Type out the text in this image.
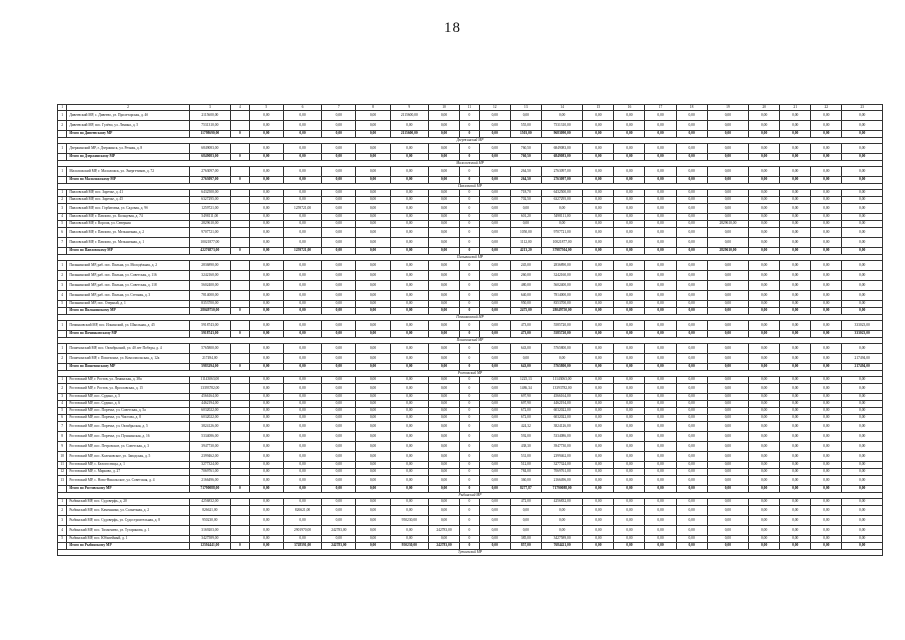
18
1	2	3	4	5	6	7	8	9	10	11	12	13	14	15	16	17	18	19	20	21	22	23
1	Дивеевский МР, с. Дивеево, ул. Пролетарская, д. 4б	2115600,00		0,00	0,00	0,00	0,00	2115600,00	0,00	0	0,00	0,00	0,00	0,00	0,00	0,00	0,00	0,00	0,00	0,00	0,00	0,00
2	Дивеевский МР, пос. Гулёво, ул. Ленина, д. 5	7531310,00		0,00	0,00	0,00	0,00	0,00	0,00	0	0,00	555,00	7531310,00	0,00	0,00	0,00	0,00	0,00	0,00	0,00	0,00	0,00
	Итого по Дивеевскому МР	11798690,00	0	0,00	0,00	0,00	0,00	2115600,00	0,00	0	0,00	1503,00	9683090,00	0,00	0,00	0,00	0,00	0,00	0,00	0,00	0,00	0,00
Дзержинский МР																						
1	Дзержинский МР, г. Дзержинск, ул. Речная, д. 8	6849083,00		0,00	0,00	0,00	0,00	0,00	0,00	0	0,00	760,50	6849083,00	0,00	0,00	0,00	0,00	0,00	0,00	0,00	0,00	0,00
	Итого по Дзержинскому МР	6849083,00	0	0,00	0,00	0,00	0,00	0,00	0,00	0	0,00	760,50	6849083,00	0,00	0,00	0,00	0,00	0,00	0,00	0,00	0,00	0,00
Малоложский МР																						
1	Малоложский МР, г. Малоложск, ул. Энергетиков, д. 72	2763097,00		0,00	0,00	0,00	0,00	0,00	0,00	0	0,00	264,50	2763097,00	0,00	0,00	0,00	0,00	0,00	0,00	0,00	0,00	0,00
	Итого по Малоложскому МР	2763097,00	0	0,00	0,00	0,00	0,00	0,00	0,00	0	0,00	264,50	2763097,00	0,00	0,00	0,00	0,00	0,00	0,00	0,00	0,00	0,00
Павловский МР																						
1	Павловский МР, пос. Заречье, д. 41	6432500,00		0,00	0,00	0,00	0,00	0,00	0,00	0	0,00	718,70	6432500,00	0,00	0,00	0,00	0,00	0,00	0,00	0,00	0,00	0,00
2	Павловский МР, пос. Заречье, д. 45	6327295,00		0,00	0,00	0,00	0,00	0,00	0,00	0	0,00	702,50	6327295,00	0,00	0,00	0,00	0,00	0,00	0,00	0,00	0,00	0,00
3	Павловский МР, пос. Горбатовка, ул. Садовая, д. 9б	1259721,00		0,00	1259721,00	0,00	0,00	0,00	0,00	0	0,00	0,00	0,00	0,00	0,00	0,00	0,00	0,00	0,00	0,00	0,00	0,00
4	Павловский МР, г. Павлово, ул. Кольцевая, д. 74	5498111,00		0,00	0,00	0,00	0,00	0,00	0,00	0	0,00	601,20	5498111,00	0,00	0,00	0,00	0,00	0,00	0,00	0,00	0,00	0,00
5	Павловский МР, г. Ворсма, ул. Северная	2829610,00		0,00	0,00	0,00	0,00	0,00	0,00	0	0,00	0,00	0,00	0,00	0,00	0,00	0,00	2829610,00	0,00	0,00	0,00	0,00
6	Павловский МР, г. Павлово, ул. Мельничная, д. 2	9707721,00		0,00	0,00	0,00	0,00	0,00	0,00	0	0,00	1050,00	9707721,00	0,00	0,00	0,00	0,00	0,00	0,00	0,00	0,00	0,00
7	Павловский МР, г. Павлово, ул. Мельничная, д. 1	10021877,00		0,00	0,00	0,00	0,00	0,00	0,00	0	0,00	1112,00	10021877,00	0,00	0,00	0,00	0,00	0,00	0,00	0,00	0,00	0,00
	Итого по Павловскому МР	42276873,00	0	0,00	1259721,00	0,00	0,00	0,00	0,00	0	0,00	4213,20	37987504,00	0,00	0,00	0,00	0,00	2829610,00	0,00	0,00	0,00	0,00
Пильнинский МР																						
1	Пильнинский МР, раб. пос. Пильна, ул. Молодёжная, д. 2	2836890,00		0,00	0,00	0,00	0,00	0,00	0,00	0	0,00	245,00	2836890,00	0,00	0,00	0,00	0,00	0,00	0,00	0,00	0,00	0,00
2	Пильнинский МР, раб. пос. Пильна, ул. Советская, д. 116	3242160,00		0,00	0,00	0,00	0,00	0,00	0,00	0	0,00	260,00	3242160,00	0,00	0,00	0,00	0,00	0,00	0,00	0,00	0,00	0,00
3	Пильнинский МР, раб. пос. Пильна, ул. Советская, д. 118	5602400,00		0,00	0,00	0,00	0,00	0,00	0,00	0	0,00	480,00	5602400,00	0,00	0,00	0,00	0,00	0,00	0,00	0,00	0,00	0,00
4	Пильнинский МР, раб. пос. Пильна, ул. Степная, д. 3	7814000,00		0,00	0,00	0,00	0,00	0,00	0,00	0	0,00	640,00	7814000,00	0,00	0,00	0,00	0,00	0,00	0,00	0,00	0,00	0,00
5	Пильнинский МР, пос. Озерный, д. 1	8353700,00		0,00	0,00	0,00	0,00	0,00	0,00	0	0,00	950,00	8353700,00	0,00	0,00	0,00	0,00	0,00	0,00	0,00	0,00	0,00
	Итого по Пильнинскому МР	28049750,00	0	0,00	0,00	0,00	0,00	0,00	0,00	0	0,00	2475,00	28049750,00	0,00	0,00	0,00	0,00	0,00	0,00	0,00	0,00	0,00
Починковский МР																						
1	Починковский МР, пос. Ильинский, ул. Школьная, д. 45	5918743,00		0,00	0,00	0,00	0,00	0,00	0,00	0	0,00	473,00	5585720,00	0,00	0,00	0,00	0,00	0,00	0,00	0,00	0,00	333023,00
	Итого по Починковскому МР	5918743,00	0	0,00	0,00	0,00	0,00	0,00	0,00	0	0,00	473,00	5585720,00	0,00	0,00	0,00	0,00	0,00	0,00	0,00	0,00	333023,00
Пошехонский МР																						
1	Пошехонский МР, пос. Октябрьский, ул. 40 лет Победы, д. 4	5765800,00		0,00	0,00	0,00	0,00	0,00	0,00	0	0,00	643,00	5765800,00	0,00	0,00	0,00	0,00	0,00	0,00	0,00	0,00	0,00
2	Пошехонский МР, г. Пошехонье, ул. Комсомольская, д. 12а	217494,00		0,00	0,00	0,00	0,00	0,00	0,00	0	0,00	0,00	0,00	0,00	0,00	0,00	0,00	0,00	0,00	0,00	0,00	217494,00
	Итого по Пошехонскому МР	5983294,00	0	0,00	0,00	0,00	0,00	0,00	0,00	0	0,00	643,00	5765800,00	0,00	0,00	0,00	0,00	0,00	0,00	0,00	0,00	217494,00
Ростовский МР																						
1	Ростовский МР, г. Ростов, ул. Ленинская, д. 38а	11143063,00		0,00	0,00	0,00	0,00	0,00	0,00	0	0,00	1225,13	11143063,00	0,00	0,00	0,00	0,00	0,00	0,00	0,00	0,00	0,00
2	Ростовский МР, г. Ростов, ул. Ярославская, д. 15	13393782,00		0,00	0,00	0,00	0,00	0,00	0,00	0	0,00	1486,34	13393782,00	0,00	0,00	0,00	0,00	0,00	0,00	0,00	0,00	0,00
3	Ростовский МР, пос. Судино, д. 5	4566164,00		0,00	0,00	0,00	0,00	0,00	0,00	0	0,00	697,90	4566164,00	0,00	0,00	0,00	0,00	0,00	0,00	0,00	0,00	0,00
4	Ростовский МР, пос. Судино, д. 6	4462194,00		0,00	0,00	0,00	0,00	0,00	0,00	0	0,00	697,90	4462194,00	0,00	0,00	0,00	0,00	0,00	0,00	0,00	0,00	0,00
5	Ростовский МР, пос. Поречье, ул. Советская, д. 5а	6032022,00		0,00	0,00	0,00	0,00	0,00	0,00	0	0,00	672,00	6032022,00	0,00	0,00	0,00	0,00	0,00	0,00	0,00	0,00	0,00
6	Ростовский МР, пос. Поречье, ул. Чистова, д. 8	6032022,00		0,00	0,00	0,00	0,00	0,00	0,00	0	0,00	672,00	6032022,00	0,00	0,00	0,00	0,00	0,00	0,00	0,00	0,00	0,00
7	Ростовский МР, пос. Поречье, ул. Октябрьская, д. 5	3824126,00		0,00	0,00	0,00	0,00	0,00	0,00	0	0,00	424,32	3824126,00	0,00	0,00	0,00	0,00	0,00	0,00	0,00	0,00	0,00
8	Ростовский МР, пос. Поречье, ул. Пушкинская, д. 16	5334086,00		0,00	0,00	0,00	0,00	0,00	0,00	0	0,00	592,00	5334086,00	0,00	0,00	0,00	0,00	0,00	0,00	0,00	0,00	0,00
9	Ростовский МР, пос. Петровское, ул. Советская, д. 3	3947730,00		0,00	0,00	0,00	0,00	0,00	0,00	0	0,00	438,30	3947730,00	0,00	0,00	0,00	0,00	0,00	0,00	0,00	0,00	0,00
10	Ростовский МР, пос. Коленовское, ул. Заводская, д. 5	2399462,00		0,00	0,00	0,00	0,00	0,00	0,00	0	0,00	531,00	2399462,00	0,00	0,00	0,00	0,00	0,00	0,00	0,00	0,00	0,00
11	Ростовский МР, с. Белогостицы, д. 1	3277324,00		0,00	0,00	0,00	0,00	0,00	0,00	0	0,00	512,00	3277324,00	0,00	0,00	0,00	0,00	0,00	0,00	0,00	0,00	0,00
12	Ростовский МР, с. Марково, д. 27	7069761,00		0,00	0,00	0,00	0,00	0,00	0,00	0	0,00	784,00	7069761,00	0,00	0,00	0,00	0,00	0,00	0,00	0,00	0,00	0,00
13	Ростовский МР, с. Ново-Никольское, ул. Советская, д. 4	2166496,00		0,00	0,00	0,00	0,00	0,00	0,00	0	0,00	360,00	2166496,00	0,00	0,00	0,00	0,00	0,00	0,00	0,00	0,00	0,00
	Итого по Ростовскому МР	71790088,00	0	0,00	0,00	0,00	0,00	0,00	0,00	0	0,00	8277,87	71790088,00	0,00	0,00	0,00	0,00	0,00	0,00	0,00	0,00	0,00
Рыбинский МР																						
1	Рыбинский МР, пос. Судоверфь, д. 20	4256832,00		0,00	0,00	0,00	0,00	0,00	0,00	0	0,00	472,00	4256832,00	0,00	0,00	0,00	0,00	0,00	0,00	0,00	0,00	0,00
2	Рыбинский МР, пос. Каменники, ул. Солнечная, д. 2	826621,00		0,00	826621,00	0,00	0,00	0,00	0,00	0	0,00	0,00	0,00	0,00	0,00	0,00	0,00	0,00	0,00	0,00	0,00	0,00
3	Рыбинский МР, пос. Судоверфь, ул. Судостроительная, д. 8	950230,00		0,00	0,00	0,00	0,00	950230,00	0,00	0	0,00	0,00	0,00	0,00	0,00	0,00	0,00	0,00	0,00	0,00	0,00	0,00
4	Рыбинский МР, пос. Тихменево, ул. Тугаринова, д. 1	3169203,00		0,00	2901970,00	242783,00	0,00	0,00	242783,00	0	0,00	0,00	0,00	0,00	0,00	0,00	0,00	0,00	0,00	0,00	0,00	0,00
5	Рыбинский МР, пос. Юбилейный, д. 1	3427589,00		0,00	0,00	0,00	0,00	0,00	0,00	0	0,00	385,00	3427589,00	0,00	0,00	0,00	0,00	0,00	0,00	0,00	0,00	0,00
	Итого по Рыбинскому МР	12594441,00	0	0,00	3728591,00	242783,00	0,00	950230,00	242783,00	0	0,00	857,00	7684421,00	0,00	0,00	0,00	0,00	0,00	0,00	0,00	0,00	0,00
Тутаевский МР																						
